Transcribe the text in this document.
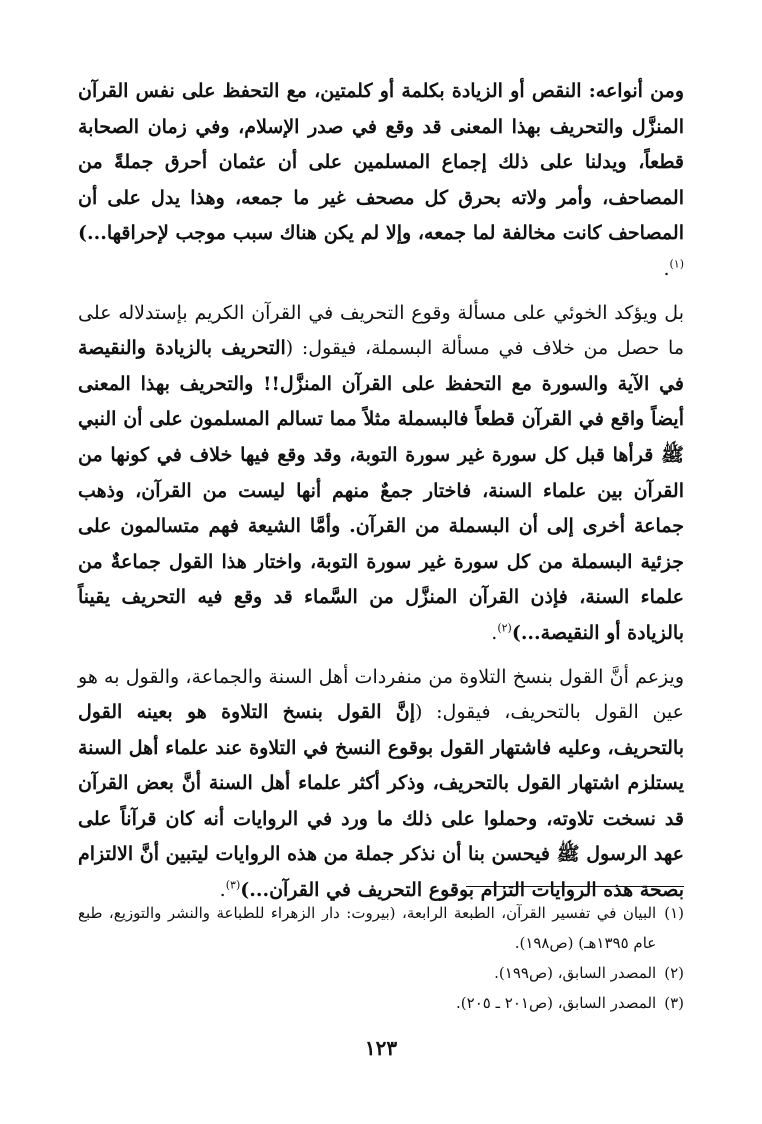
ومن أنواعه: النقص أو الزيادة بكلمة أو كلمتين، مع التحفظ على نفس القرآن المنزَّل والتحريف بهذا المعنى قد وقع في صدر الإسلام، وفي زمان الصحابة قطعاً، ويدلنا على ذلك إجماع المسلمين على أن عثمان أحرق جملةً من المصاحف، وأمر ولاته بحرق كل مصحف غير ما جمعه، وهذا يدل على أن المصاحف كانت مخالفة لما جمعه، وإلا لم يكن هناك سبب موجب لإحراقها...)$^{(١)}$.

بل ويؤكد الخوئي على مسألة وقوع التحريف في القرآن الكريم بإستدلاله على ما حصل من خلاف في مسألة البسملة، فيقول: (التحريف بالزيادة والنقيصة في الآية والسورة مع التحفظ على القرآن المنزَّل!! والتحريف بهذا المعنى أيضاً واقع في القرآن قطعاً فالبسملة مثلاً مما تسالم المسلمون على أن النبي ﷺ قرأها قبل كل سورة غير سورة التوبة، وقد وقع فيها خلاف في كونها من القرآن بين علماء السنة، فاختار جمعٌ منهم أنها ليست من القرآن، وذهب جماعة أخرى إلى أن البسملة من القرآن. وأمَّا الشيعة فهم متسالمون على جزئية البسملة من كل سورة غير سورة التوبة، واختار هذا القول جماعةٌ من علماء السنة، فإذن القرآن المنزَّل من السَّماء قد وقع فيه التحريف يقيناً بالزيادة أو النقيصة...)$^{(٢)}$.

ويزعم أنَّ القول بنسخ التلاوة من منفردات أهل السنة والجماعة، والقول به هو عين القول بالتحريف، فيقول: (إنَّ القول بنسخ التلاوة هو بعينه القول بالتحريف، وعليه فاشتهار القول بوقوع النسخ في التلاوة عند علماء أهل السنة يستلزم اشتهار القول بالتحريف، وذكر أكثر علماء أهل السنة أنَّ بعض القرآن قد نسخت تلاوته، وحملوا على ذلك ما ورد في الروايات أنه كان قرآناً على عهد الرسول ﷺ فيحسن بنا أن نذكر جملة من هذه الروايات ليتبين أنَّ الالتزام بصحة هذه الروايات التزام بوقوع التحريف في القرآن...)$^{(٣)}$.

(١)
البيان في تفسير القرآن، الطبعة الرابعة، (بيروت: دار الزهراء للطباعة والنشر والتوزيع، طبع عام ١٣٩٥هـ) (ص١٩٨).
(٢)
المصدر السابق، (ص١٩٩).
(٣)
المصدر السابق، (ص٢٠١ ـ ٢٠٥).
١٢٣
